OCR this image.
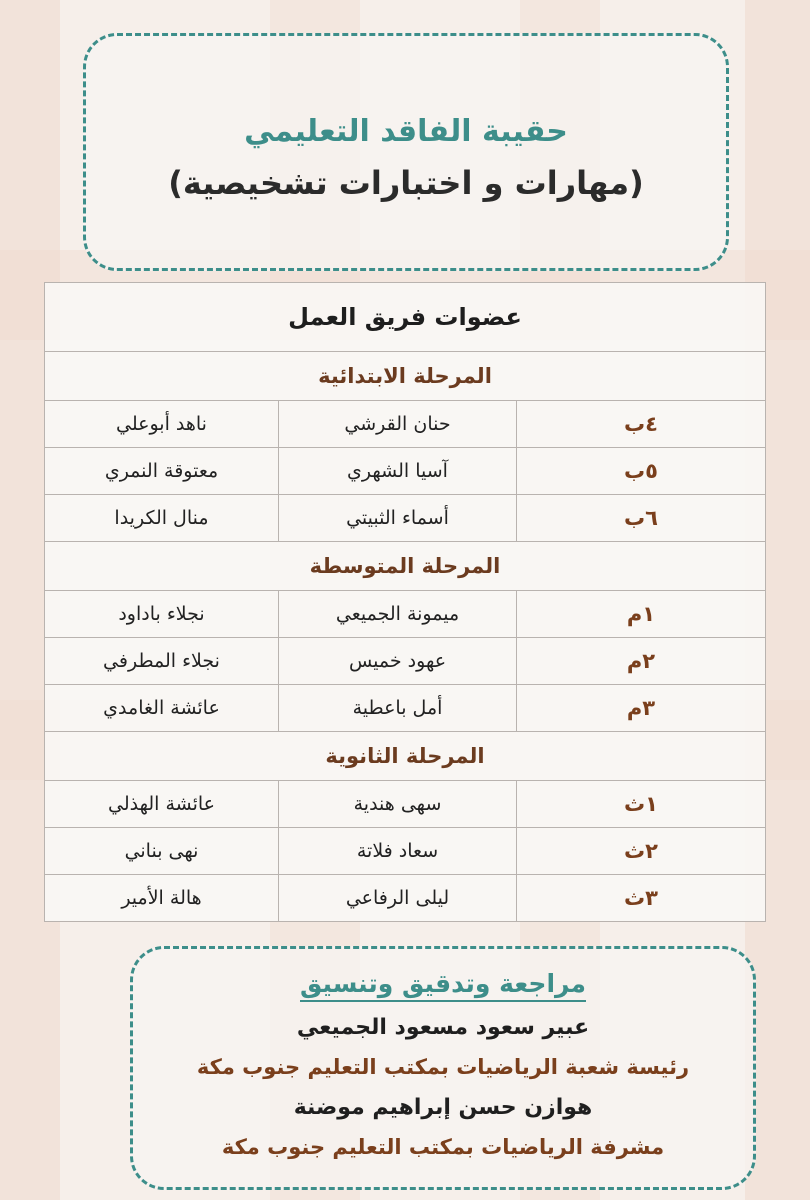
حقيبة الفاقد التعليمي
(مهارات و اختبارات تشخيصية)
عضوات فريق العمل		
المرحلة الابتدائية		
٤ب	حنان القرشي	ناهد أبوعلي
٥ب	آسيا الشهري	معتوقة النمري
٦ب	أسماء الثبيتي	منال الكريدا
المرحلة المتوسطة		
١م	ميمونة الجميعي	نجلاء باداود
٢م	عهود خميس	نجلاء المطرفي
٣م	أمل باعطية	عائشة الغامدي
المرحلة الثانوية		
١ث	سهى هندية	عائشة الهذلي
٢ث	سعاد فلاتة	نهى بناني
٣ث	ليلى الرفاعي	هالة الأمير
مراجعة وتدقيق وتنسيق
عبير سعود مسعود الجميعي
رئيسة شعبة الرياضيات بمكتب التعليم جنوب مكة
هوازن حسن إبراهيم موضنة
مشرفة الرياضيات بمكتب التعليم جنوب مكة
